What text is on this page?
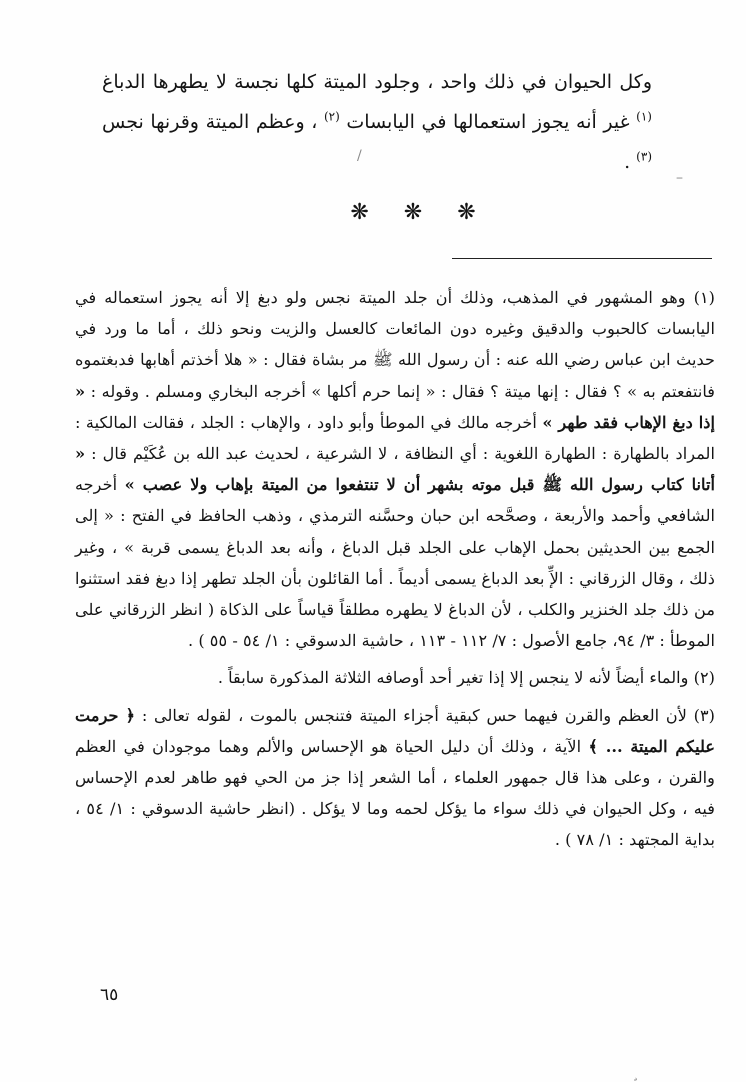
وكل الحيوان في ذلك واحد ، وجلود الميتة كلها نجسة لا يطهرها الدباغ $^{(١)}$ غير أنه يجوز استعمالها في اليابسات $^{(٢)}$ ، وعظم الميتة وقرنها نجس $^{(٣)}$ .

/
–
❋ ❋ ❋

(١) وهو المشهور في المذهب، وذلك أن جلد الميتة نجس ولو دبغ إلا أنه يجوز استعماله في اليابسات كالحبوب والدقيق وغيره دون المائعات كالعسل والزيت ونحو ذلك ، أما ما ورد في حديث ابن عباس رضي الله عنه : أن رسول الله ﷺ مر بشاة فقال : « هلا أخذتم أهابها فدبغتموه فانتفعتم به » ؟ فقال : إنها ميتة ؟ فقال : « إنما حرم أكلها » أخرجه البخاري ومسلم . وقوله : « إذا دبغ الإهاب فقد طهر » أخرجه مالك في الموطأ وأبو داود ، والإهاب : الجلد ، فقالت المالكية : المراد بالطهارة : الطهارة اللغوية : أي النظافة ، لا الشرعية ، لحديث عبد الله بن عُكَيْم قال : « أتانا كتاب رسول الله ﷺ قبل موته بشهر أن لا تنتفعوا من الميتة بإهاب ولا عصب » أخرجه الشافعي وأحمد والأربعة ، وصحَّحه ابن حبان وحسَّنه الترمذي ، وذهب الحافظ في الفتح : « إلى الجمع بين الحديثين بحمل الإهاب على الجلد قبل الدباغ ، وأنه بعد الدباغ يسمى قربة » ، وغير ذلك ، وقال الزرقاني : الإِّ بعد الدباغ يسمى أديماً . أما القائلون بأن الجلد تطهر إذا دبغ فقد استثنوا من ذلك جلد الخنزير والكلب ، لأن الدباغ لا يطهره مطلقاً قياساً على الذكاة ( انظر الزرقاني على الموطأ : ٣/ ٩٤، جامع الأصول : ٧/ ١١٢ - ١١٣ ، حاشية الدسوقي : ١/ ٥٤ - ٥٥ ) .

(٢) والماء أيضاً لأنه لا ينجس إلا إذا تغير أحد أوصافه الثلاثة المذكورة سابقاً .

(٣) لأن العظم والقرن فيهما حس كبقية أجزاء الميتة فتنجس بالموت ، لقوله تعالى : ﴿ حرمت عليكم الميتة ... ﴾ الآية ، وذلك أن دليل الحياة هو الإحساس والألم وهما موجودان في العظم والقرن ، وعلى هذا قال جمهور العلماء ، أما الشعر إذا جز من الحي فهو طاهر لعدم الإحساس فيه ، وكل الحيوان في ذلك سواء ما يؤكل لحمه وما لا يؤكل . (انظر حاشية الدسوقي : ١/ ٥٤ ، بداية المجتهد : ١/ ٧٨ ) .

٦٥
¸
